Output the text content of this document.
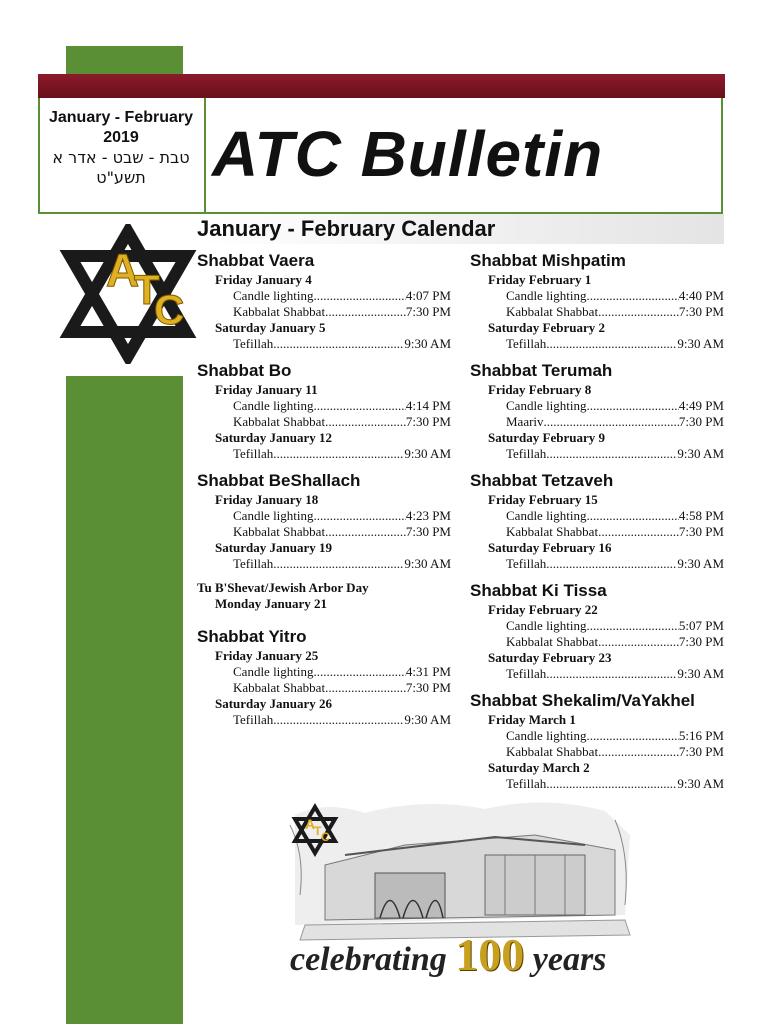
January - February
2019
טבת - שבט - אדר א
תשע"ט	ATC Bulletin
January - February Calendar
A
T
C
Shabbat Vaera
Friday January 4
Candle lighting .....	4:07 PM
Kabbalat Shabbat .....	7:30 PM
Saturday January 5
Tefillah .....	9:30 AM
Shabbat Bo
Friday January 11
Candle lighting .....	4:14 PM
Kabbalat Shabbat .....	7:30 PM
Saturday January 12
Tefillah .....	9:30 AM
Shabbat BeShallach
Friday January 18
Candle lighting .....	4:23 PM
Kabbalat Shabbat .....	7:30 PM
Saturday January 19
Tefillah .....	9:30 AM
Tu B'Shevat/Jewish Arbor Day

Monday January 21
Shabbat Yitro
Friday January 25
Candle lighting .....	4:31 PM
Kabbalat Shabbat .....	7:30 PM
Saturday January 26
Tefillah .....	9:30 AM
Shabbat Mishpatim
Friday February 1
Candle lighting .....	4:40 PM
Kabbalat Shabbat .....	7:30 PM
Saturday February 2
Tefillah .....	9:30 AM
Shabbat Terumah
Friday February 8
Candle lighting .....	4:49 PM
Maariv .....	7:30 PM
Saturday February 9
Tefillah .....	9:30 AM
Shabbat Tetzaveh
Friday February 15
Candle lighting .....	4:58 PM
Kabbalat Shabbat .....	7:30 PM
Saturday February 16
Tefillah .....	9:30 AM
Shabbat Ki Tissa
Friday February 22
Candle lighting .....	5:07 PM
Kabbalat Shabbat .....	7:30 PM
Saturday February 23
Tefillah .....	9:30 AM
Shabbat Shekalim/VaYakhel
Friday March 1
Candle lighting .....	5:16 PM
Kabbalat Shabbat .....	7:30 PM
Saturday March 2
Tefillah .....	9:30 AM
A
T C
celebrating 100 years
